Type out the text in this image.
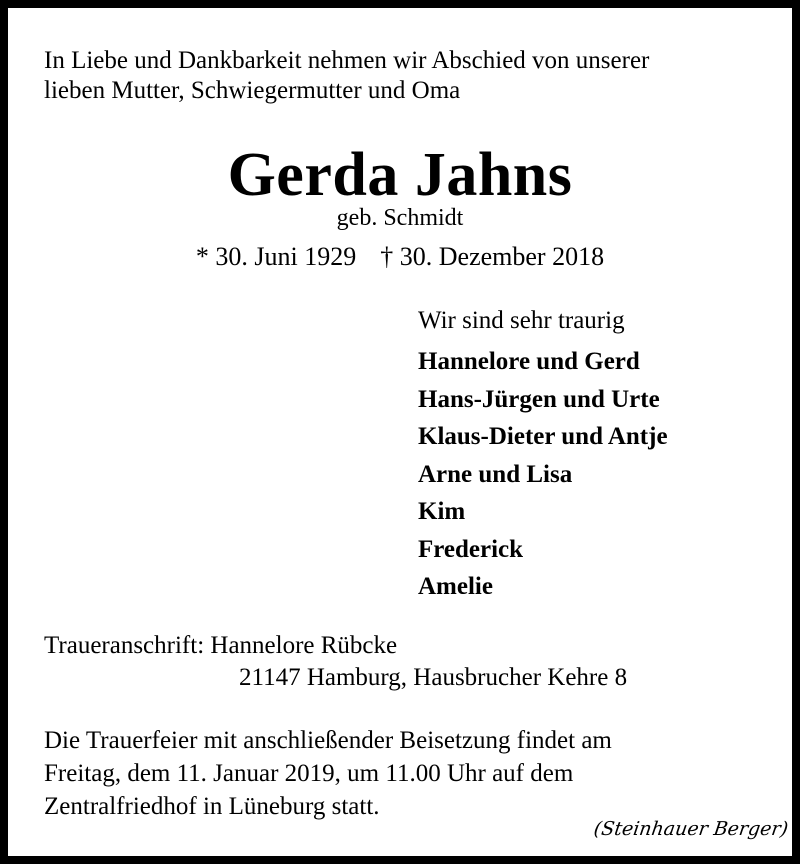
In Liebe und Dankbarkeit nehmen wir Abschied von unserer
lieben Mutter, Schwiegermutter und Oma
Gerda Jahns
geb. Schmidt
* 30. Juni 1929 † 30. Dezember 2018
Wir sind sehr traurig
Hannelore und Gerd
Hans-Jürgen und Urte
Klaus-Dieter und Antje
Arne und Lisa
Kim
Frederick
Amelie
Traueranschrift: Hannelore Rübcke
21147 Hamburg, Hausbrucher Kehre 8
Die Trauerfeier mit anschließender Beisetzung findet am
Freitag, dem 11. Januar 2019, um 11.00 Uhr auf dem
Zentralfriedhof in Lüneburg statt.
(Steinhauer Berger)
